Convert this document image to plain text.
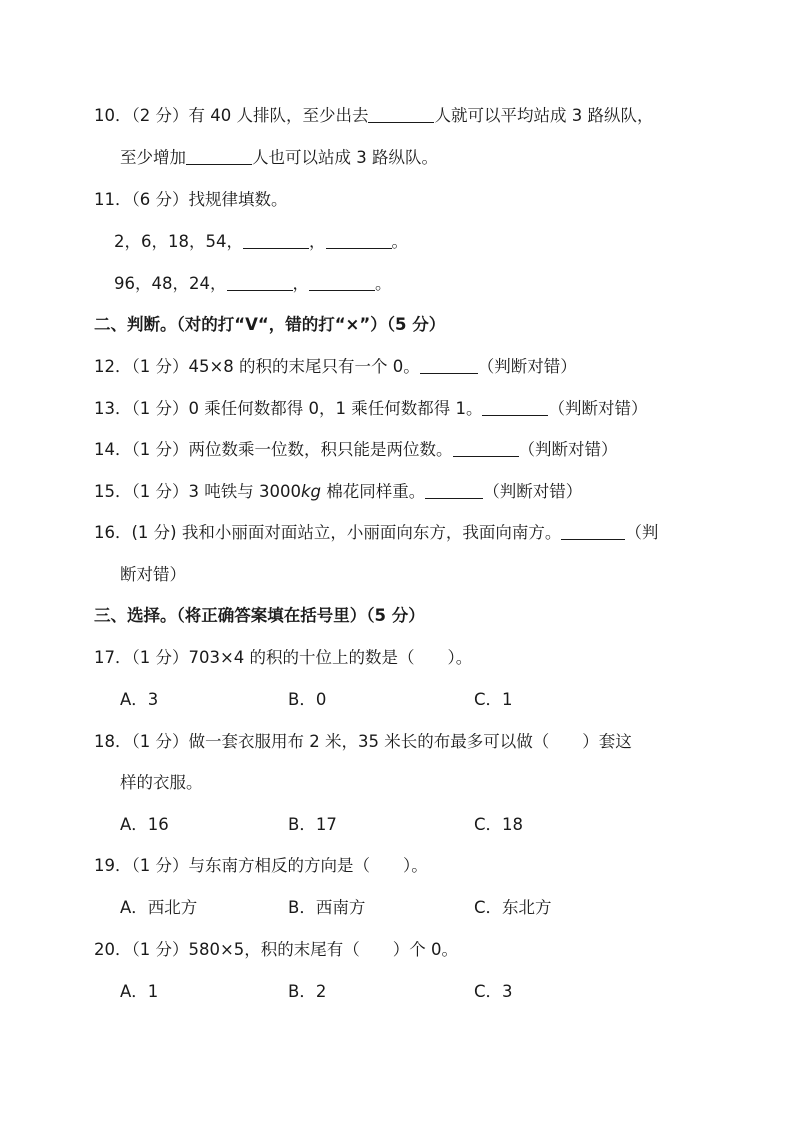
10．（2 分）有 40 人排队，至少出去	人就可以平均站成 3 路纵队，
至少增加	人也可以站成 3 路纵队。
11．（6 分）找规律填数。
2，6，18，54，	，	。
96，48，24，	，	。
二、判断。（对的打“V“，错的打“×”）（5 分）
12．（1 分）45×8 的积的末尾只有一个 0。	（判断对错）
13．（1 分）0 乘任何数都得 0，1 乘任何数都得 1。	（判断对错）
14．（1 分）两位数乘一位数，积只能是两位数。	（判断对错）
15．（1 分）3 吨铁与 3000kg 棉花同样重。	（判断对错）
16．(1 分) 我和小丽面对面站立，小丽面向东方，我面向南方。	（判
断对错）
三、选择。（将正确答案填在括号里）（5 分）
17．（1 分）703×4 的积的十位上的数是（　　）。
A．3	B．0	C．1
18．（1 分）做一套衣服用布 2 米，35 米长的布最多可以做（　　）套这
样的衣服。
A．16	B．17	C．18
19．（1 分）与东南方相反的方向是（　　）。
A．西北方	B．西南方	C．东北方
20．（1 分）580×5，积的末尾有（　　）个 0。
A．1	B．2	C．3
